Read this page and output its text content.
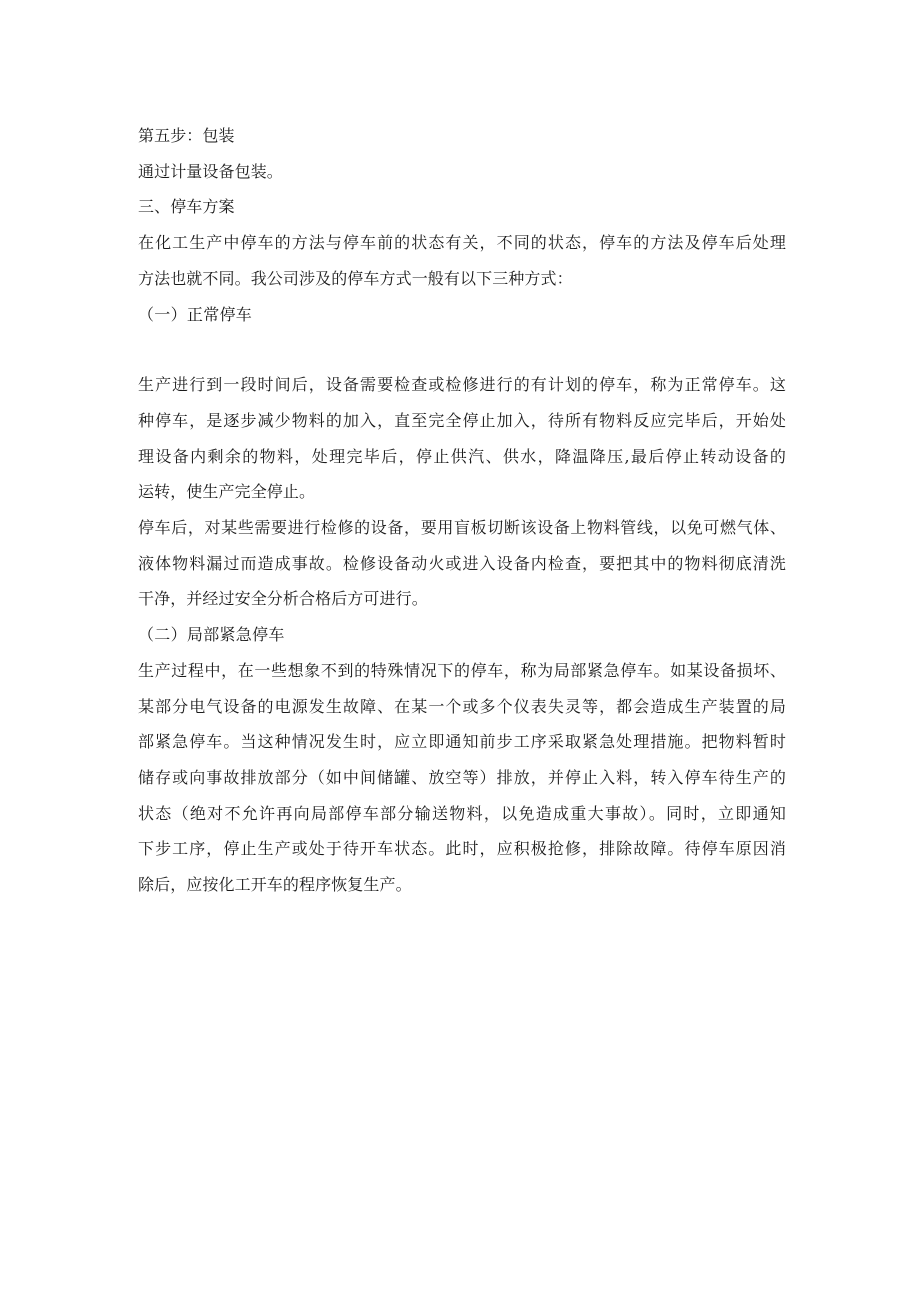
第五步：包装

通过计量设备包装。

三、停车方案

在化工生产中停车的方法与停车前的状态有关，不同的状态，停车的方法及停车后处理

方法也就不同。我公司涉及的停车方式一般有以下三种方式：

（一）正常停车

生产进行到一段时间后，设备需要检查或检修进行的有计划的停车，称为正常停车。这

种停车，是逐步减少物料的加入，直至完全停止加入，待所有物料反应完毕后，开始处

理设备内剩余的物料，处理完毕后，停止供汽、供水，降温降压,最后停止转动设备的

运转，使生产完全停止。

停车后，对某些需要进行检修的设备，要用盲板切断该设备上物料管线，以免可燃气体、

液体物料漏过而造成事故。检修设备动火或进入设备内检查，要把其中的物料彻底清洗

干净，并经过安全分析合格后方可进行。

（二）局部紧急停车

生产过程中，在一些想象不到的特殊情况下的停车，称为局部紧急停车。如某设备损坏、

某部分电气设备的电源发生故障、在某一个或多个仪表失灵等，都会造成生产装置的局

部紧急停车。当这种情况发生时，应立即通知前步工序采取紧急处理措施。把物料暂时

储存或向事故排放部分（如中间储罐、放空等）排放，并停止入料，转入停车待生产的

状态（绝对不允许再向局部停车部分输送物料，以免造成重大事故）。同时，立即通知

下步工序，停止生产或处于待开车状态。此时，应积极抢修，排除故障。待停车原因消

除后，应按化工开车的程序恢复生产。
